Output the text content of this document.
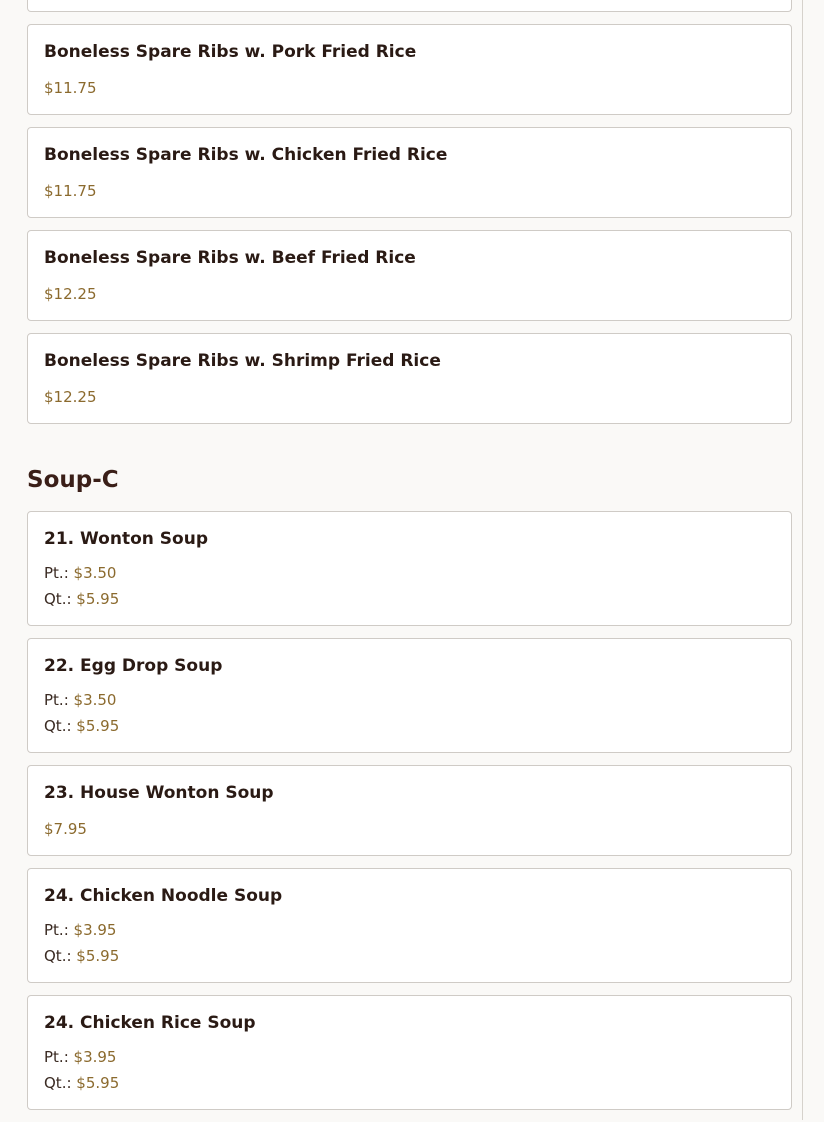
Boneless Spare Ribs w. Pork Fried Rice
$11.75
Boneless Spare Ribs w. Chicken Fried Rice
$11.75
Boneless Spare Ribs w. Beef Fried Rice
$12.25
Boneless Spare Ribs w. Shrimp Fried Rice
$12.25
Soup-C
21. Wonton Soup
Pt.: $3.50
Qt.: $5.95
22. Egg Drop Soup
Pt.: $3.50
Qt.: $5.95
23. House Wonton Soup
$7.95
24. Chicken Noodle Soup
Pt.: $3.95
Qt.: $5.95
24. Chicken Rice Soup
Pt.: $3.95
Qt.: $5.95
